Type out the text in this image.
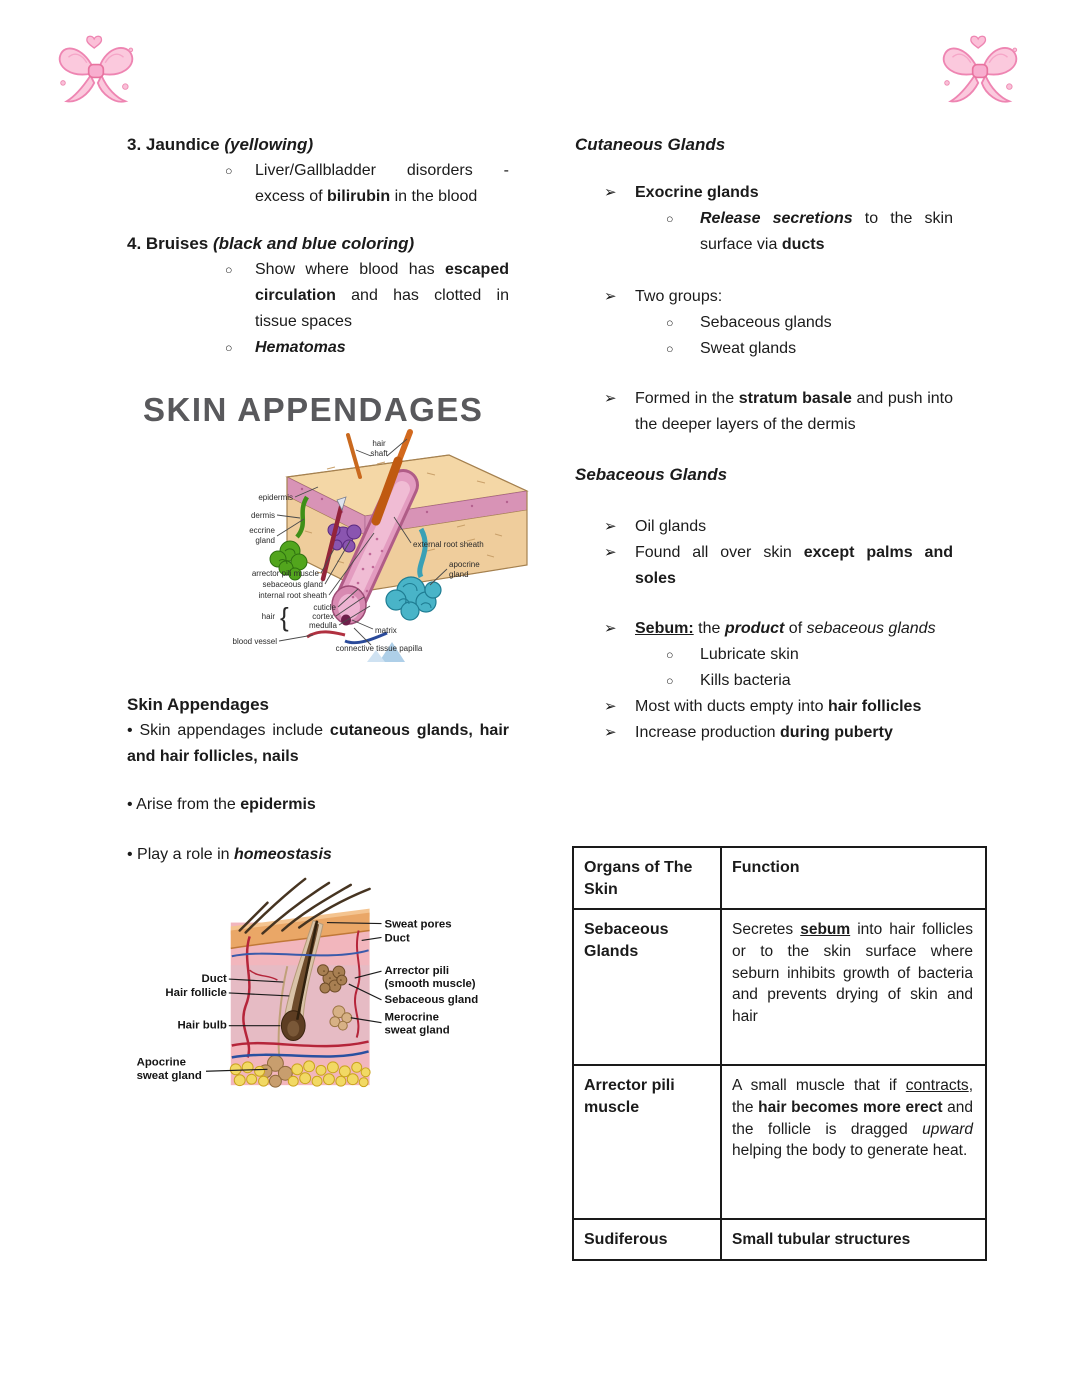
3. Jaundice (yellowing)
○	Liver/Gallbladder disorders - excess of bilirubin in the blood
4. Bruises (black and blue coloring)
○	Show where blood has escaped circulation and has clotted in tissue spaces
○	Hematomas
SKIN APPENDAGES
hair
shaft
epidermis
dermis
eccrine
gland
arrector pili muscle
sebaceous gland
internal root sheath
hair {	cuticle
cortex
medulla
matrix
blood vessel
connective tissue papilla
external root sheath
apocrine
gland
Skin Appendages
• Skin appendages include cutaneous glands, hair and hair follicles, nails
• Arise from the epidermis
• Play a role in homeostasis
Sweat pores
Duct
Arrector pili
(smooth muscle)
Sebaceous gland
Merocrine
sweat gland
Duct
Hair follicle
Hair bulb
Apocrine
sweat gland
Cutaneous Glands
➢	Exocrine glands
○	Release secretions to the skin surface via ducts
➢	Two groups:
○	Sebaceous glands
○	Sweat glands
➢	Formed in the stratum basale and push into the deeper layers of the dermis
Sebaceous Glands
➢	Oil glands
➢	Found all over skin except palms and soles
➢	Sebum: the product of sebaceous glands
○	Lubricate skin
○	Kills bacteria
➢	Most with ducts empty into hair follicles
➢	Increase production during puberty
Organs of The Skin	Function
Sebaceous Glands	Secretes sebum into hair follicles or to the skin surface where seburn inhibits growth of bacteria and prevents drying of skin and hair
Arrector pili muscle	A small muscle that if contracts, the hair becomes more erect and the follicle is dragged upward helping the body to generate heat.
Sudiferous	Small tubular structures
